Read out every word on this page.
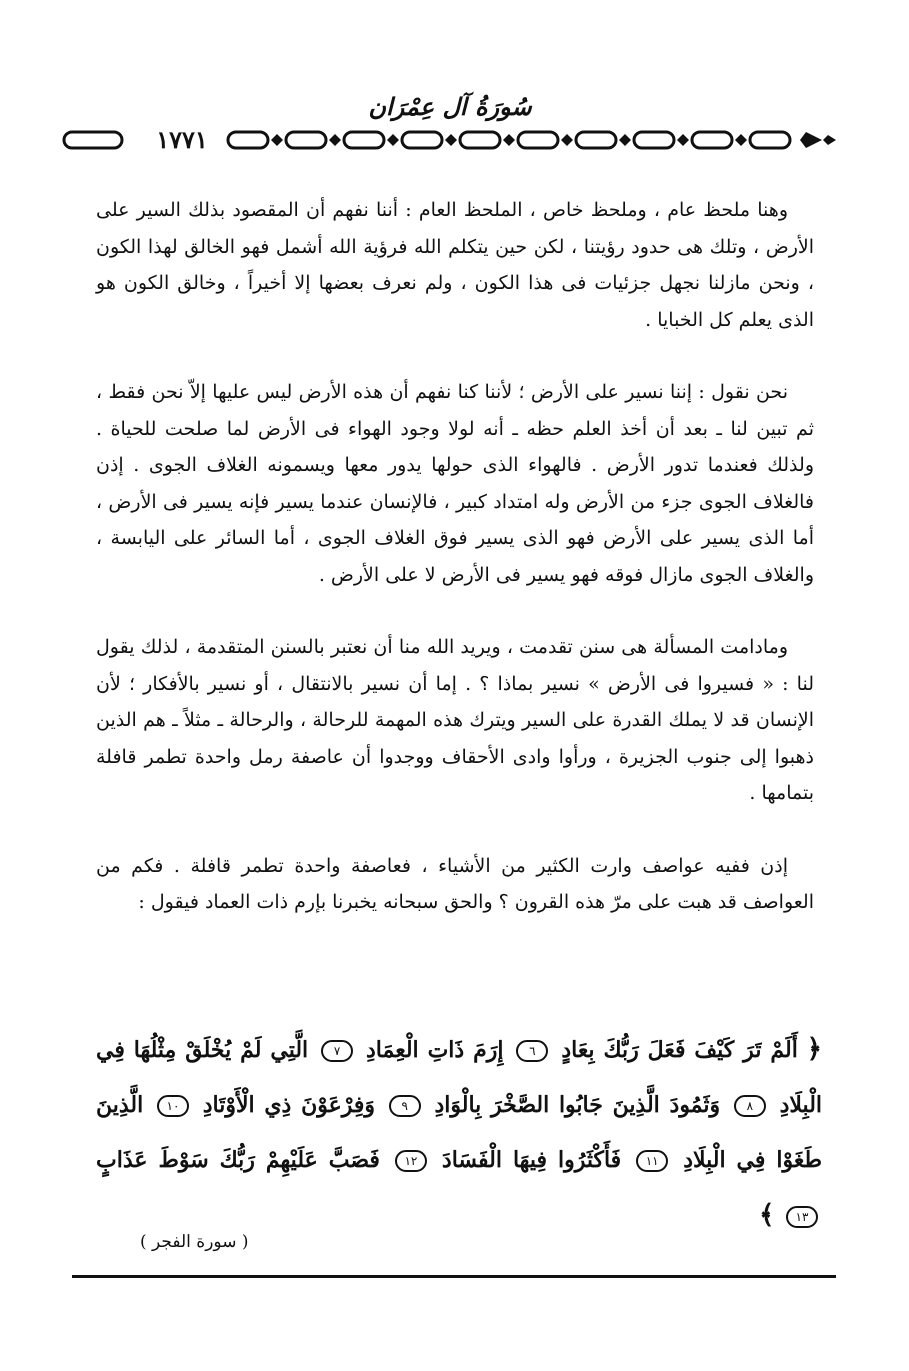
سُورَةُ آل عِمْرَان
١٧٧١

وهنا ملحظ عام ، وملحظ خاص ، الملحظ العام : أننا نفهم أن المقصود بذلك السير على الأرض ، وتلك هى حدود رؤيتنا ، لكن حين يتكلم الله فرؤية الله أشمل فهو الخالق لهذا الكون ، ونحن مازلنا نجهل جزئيات فى هذا الكون ، ولم نعرف بعضها إلا أخيراً ، وخالق الكون هو الذى يعلم كل الخبايا .

نحن نقول : إننا نسير على الأرض ؛ لأننا كنا نفهم أن هذه الأرض ليس عليها إلاّ نحن فقط ، ثم تبين لنا ـ بعد أن أخذ العلم حظه ـ أنه لولا وجود الهواء فى الأرض لما صلحت للحياة . ولذلك فعندما تدور الأرض . فالهواء الذى حولها يدور معها ويسمونه الغلاف الجوى . إذن فالغلاف الجوى جزء من الأرض وله امتداد كبير ، فالإنسان عندما يسير فإنه يسير فى الأرض ، أما الذى يسير على الأرض فهو الذى يسير فوق الغلاف الجوى ، أما السائر على اليابسة ، والغلاف الجوى مازال فوقه فهو يسير فى الأرض لا على الأرض .

ومادامت المسألة هى سنن تقدمت ، ويريد الله منا أن نعتبر بالسنن المتقدمة ، لذلك يقول لنا : « فسيروا فى الأرض » نسير بماذا ؟ . إما أن نسير بالانتقال ، أو نسير بالأفكار ؛ لأن الإنسان قد لا يملك القدرة على السير ويترك هذه المهمة للرحالة ، والرحالة ـ مثلاً ـ هم الذين ذهبوا إلى جنوب الجزيرة ، ورأوا وادى الأحقاف ووجدوا أن عاصفة رمل واحدة تطمر قافلة بتمامها .

إذن ففيه عواصف وارت الكثير من الأشياء ، فعاصفة واحدة تطمر قافلة . فكم من العواصف قد هبت على مرّ هذه القرون ؟ والحق سبحانه يخبرنا بإرم ذات العماد فيقول :

﴿ أَلَمْ تَرَ كَيْفَ فَعَلَ رَبُّكَ بِعَادٍ ٦ إِرَمَ ذَاتِ الْعِمَادِ ٧ الَّتِي لَمْ يُخْلَقْ مِثْلُهَا فِي الْبِلَادِ ٨ وَثَمُودَ الَّذِينَ جَابُوا الصَّخْرَ بِالْوَادِ ٩ وَفِرْعَوْنَ ذِي الْأَوْتَادِ ١٠ الَّذِينَ طَغَوْا فِي الْبِلَادِ ١١ فَأَكْثَرُوا فِيهَا الْفَسَادَ ١٢ فَصَبَّ عَلَيْهِمْ رَبُّكَ سَوْطَ عَذَابٍ ١٣ ﴾
( سورة الفجر )
